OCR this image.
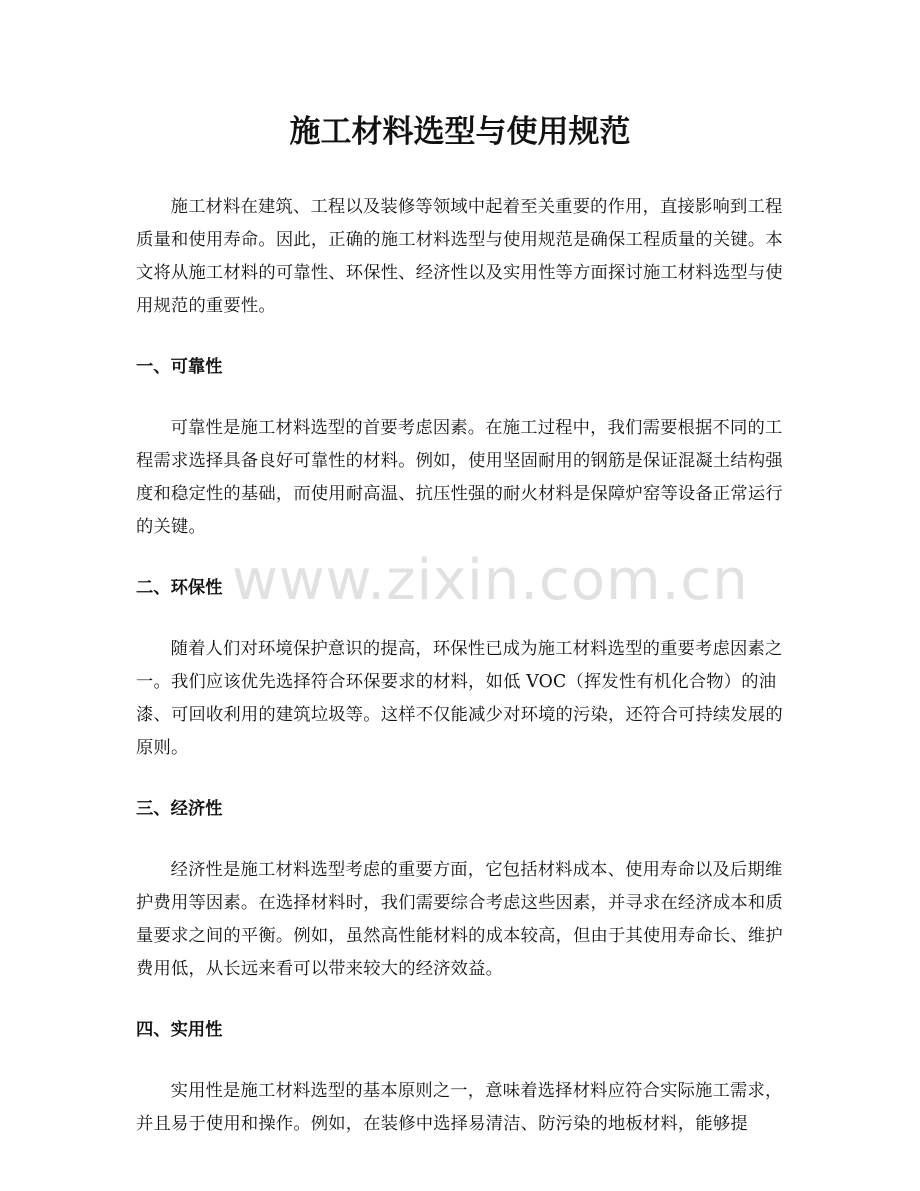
施工材料选型与使用规范

施工材料在建筑、工程以及装修等领域中起着至关重要的作用，直接影响到工程质量和使用寿命。因此，正确的施工材料选型与使用规范是确保工程质量的关键。本文将从施工材料的可靠性、环保性、经济性以及实用性等方面探讨施工材料选型与使用规范的重要性。

一、可靠性

可靠性是施工材料选型的首要考虑因素。在施工过程中，我们需要根据不同的工程需求选择具备良好可靠性的材料。例如，使用坚固耐用的钢筋是保证混凝土结构强度和稳定性的基础，而使用耐高温、抗压性强的耐火材料是保障炉窑等设备正常运行的关键。

二、环保性

随着人们对环境保护意识的提高，环保性已成为施工材料选型的重要考虑因素之一。我们应该优先选择符合环保要求的材料，如低 VOC（挥发性有机化合物）的油漆、可回收利用的建筑垃圾等。这样不仅能减少对环境的污染，还符合可持续发展的原则。

三、经济性

经济性是施工材料选型考虑的重要方面，它包括材料成本、使用寿命以及后期维护费用等因素。在选择材料时，我们需要综合考虑这些因素，并寻求在经济成本和质量要求之间的平衡。例如，虽然高性能材料的成本较高，但由于其使用寿命长、维护费用低，从长远来看可以带来较大的经济效益。

四、实用性

实用性是施工材料选型的基本原则之一，意味着选择材料应符合实际施工需求，并且易于使用和操作。例如，在装修中选择易清洁、防污染的地板材料，能够提

www.zixin.com.cn
